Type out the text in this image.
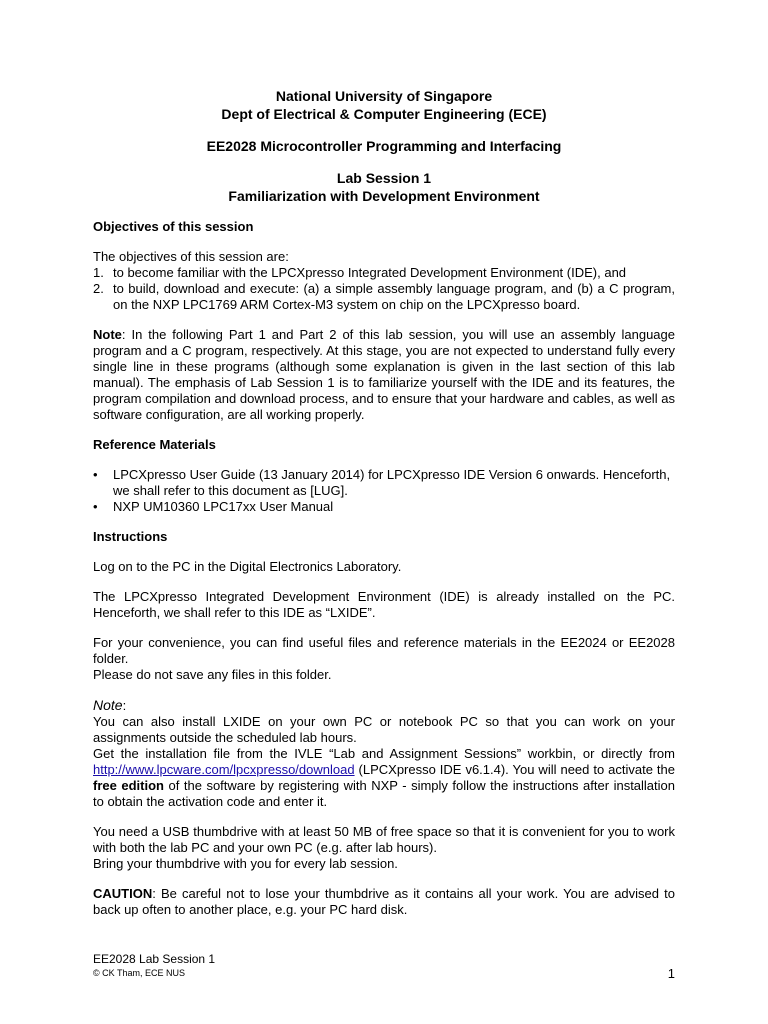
National University of Singapore
Dept of Electrical & Computer Engineering (ECE)
EE2028 Microcontroller Programming and Interfacing
Lab Session 1
Familiarization with Development Environment
Objectives of this session

The objectives of this session are:

1. to become familiar with the LPCXpresso Integrated Development Environment (IDE), and
2. to build, download and execute: (a) a simple assembly language program, and (b) a C program, on the NXP LPC1769 ARM Cortex-M3 system on chip on the LPCXpresso board.

Note: In the following Part 1 and Part 2 of this lab session, you will use an assembly language program and a C program, respectively. At this stage, you are not expected to understand fully every single line in these programs (although some explanation is given in the last section of this lab manual). The emphasis of Lab Session 1 is to familiarize yourself with the IDE and its features, the program compilation and download process, and to ensure that your hardware and cables, as well as software configuration, are all working properly.

Reference Materials
• LPCXpresso User Guide (13 January 2014) for LPCXpresso IDE Version 6 onwards. Henceforth, we shall refer to this document as [LUG].
• NXP UM10360 LPC17xx User Manual
Instructions

Log on to the PC in the Digital Electronics Laboratory.

The LPCXpresso Integrated Development Environment (IDE) is already installed on the PC. Henceforth, we shall refer to this IDE as “LXIDE”.

For your convenience, you can find useful files and reference materials in the EE2024 or EE2028 folder.

Please do not save any files in this folder.

Note:

You can also install LXIDE on your own PC or notebook PC so that you can work on your assignments outside the scheduled lab hours.

Get the installation file from the IVLE “Lab and Assignment Sessions” workbin, or directly from http://www.lpcware.com/lpcxpresso/download (LPCXpresso IDE v6.1.4). You will need to activate the free edition of the software by registering with NXP - simply follow the instructions after installation to obtain the activation code and enter it.

You need a USB thumbdrive with at least 50 MB of free space so that it is convenient for you to work with both the lab PC and your own PC (e.g. after lab hours).

Bring your thumbdrive with you for every lab session.

CAUTION: Be careful not to lose your thumbdrive as it contains all your work. You are advised to back up often to another place, e.g. your PC hard disk.

EE2028 Lab Session 1
© CK Tham, ECE NUS	1
